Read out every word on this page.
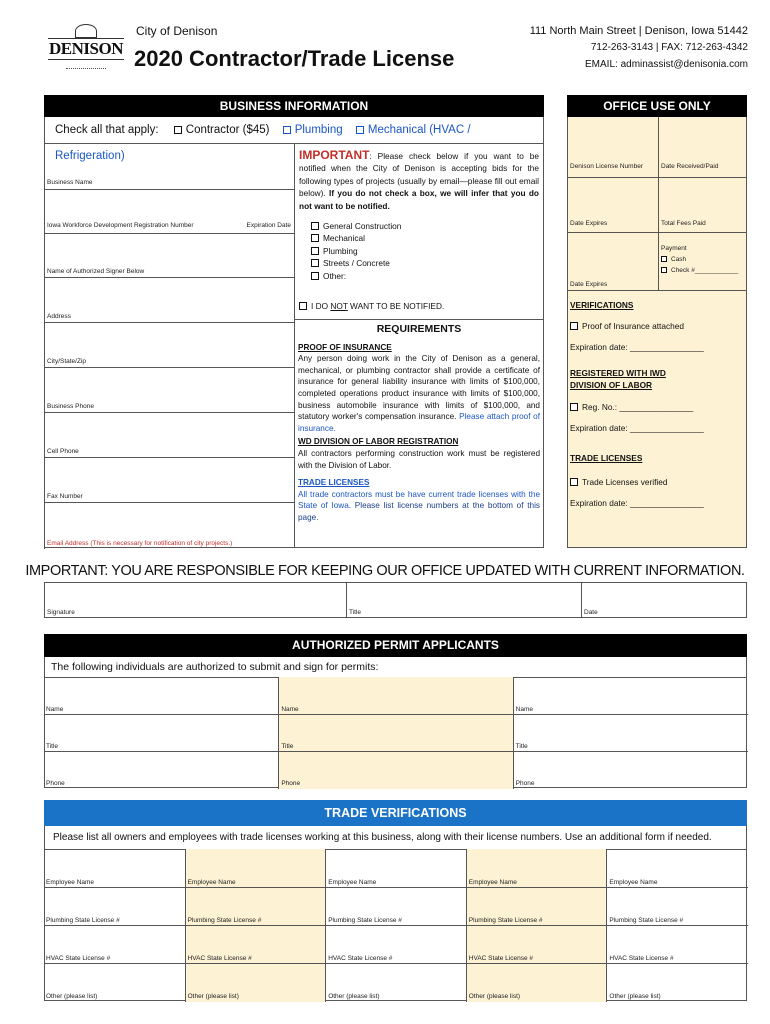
DENISON
City of Denison
2020 Contractor/Trade License
111 North Main Street | Denison, Iowa 51442
712-263-3143 | FAX: 712-263-4342
EMAIL: adminassist@denisonia.com
BUSINESS INFORMATION
Check all that apply: Contractor ($45) Plumbing Mechanical (HVAC / Refrigeration)
Business Name
Iowa Workforce Development Registration Number	Expiration Date
Name of Authorized Signer Below
Address
City/State/Zip
Business Phone
Cell Phone
Fax Number
Email Address (This is necessary for notification of city projects.)
IMPORTANT: Please check below if you want to be notified when the City of Denison is accepting bids for the following types of projects (usually by email—please fill out email below). If you do not check a box, we will infer that you do not want to be notified.
General Construction
Mechanical
Plumbing
Streets / Concrete
Other:
I DO NOT WANT TO BE NOTIFIED.
REQUIREMENTS
PROOF OF INSURANCE
Any person doing work in the City of Denison as a general, mechanical, or plumbing contractor shall provide a certificate of insurance for general liability insurance with limits of $100,000, completed operations product insurance with limits of $100,000, business automobile insurance with limits of $100,000, and statutory worker's compensation insurance. Please attach proof of insurance.
WD DIVISION OF LABOR REGISTRATION
All contractors performing construction work must be registered with the Division of Labor.
TRADE LICENSES
All trade contractors must be have current trade licenses with the State of Iowa. Please list license numbers at the bottom of this page.
OFFICE USE ONLY
Denison License Number	Date Received/Paid
Date Expires	Total Fees Paid
Date Expires
Payment
Cash
Check #____________
VERIFICATIONS
Proof of Insurance attached
Expiration date: ________________
REGISTERED WITH IWD DIVISION OF LABOR
Reg. No.: ________________
Expiration date: ________________
TRADE LICENSES
Trade Licenses verified
Expiration date: ________________
IMPORTANT: YOU ARE RESPONSIBLE FOR KEEPING OUR OFFICE UPDATED WITH CURRENT INFORMATION.
Signature	Title	Date
AUTHORIZED PERMIT APPLICANTS
The following individuals are authorized to submit and sign for permits:
Name	Name	Name
Title	Title	Title
Phone	Phone	Phone
TRADE VERIFICATIONS
Please list all owners and employees with trade licenses working at this business, along with their license numbers. Use an additional form if needed.
Employee Name	Employee Name	Employee Name	Employee Name	Employee Name
Plumbing State License #	Plumbing State License #	Plumbing State License #	Plumbing State License #	Plumbing State License #
HVAC State License #	HVAC State License #	HVAC State License #	HVAC State License #	HVAC State License #
Other (please list)	Other (please list)	Other (please list)	Other (please list)	Other (please list)
